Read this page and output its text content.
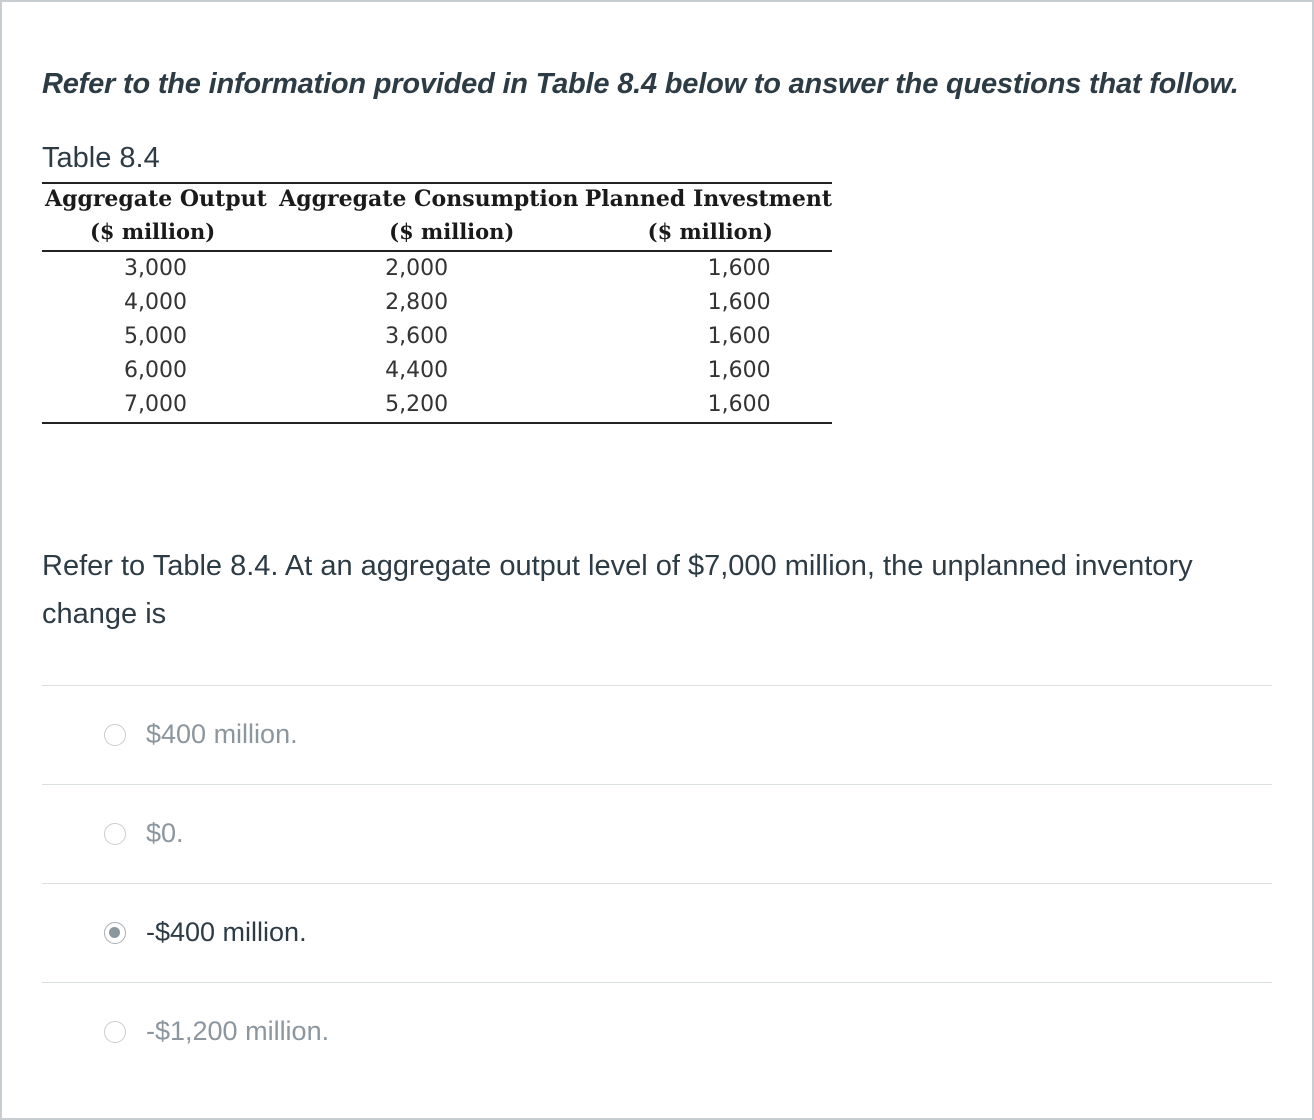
Refer to the information provided in Table 8.4 below to answer the questions that follow.
Table 8.4
Aggregate Output	Aggregate Consumption	Planned Investment
($ million)	($ million)	($ million)
3,000	2,000	1,600
4,000	2,800	1,600
5,000	3,600	1,600
6,000	4,400	1,600
7,000	5,200	1,600
Refer to Table 8.4. At an aggregate output level of $7,000 million, the unplanned inventory change is
$400 million.
$0.
-$400 million.
-$1,200 million.
